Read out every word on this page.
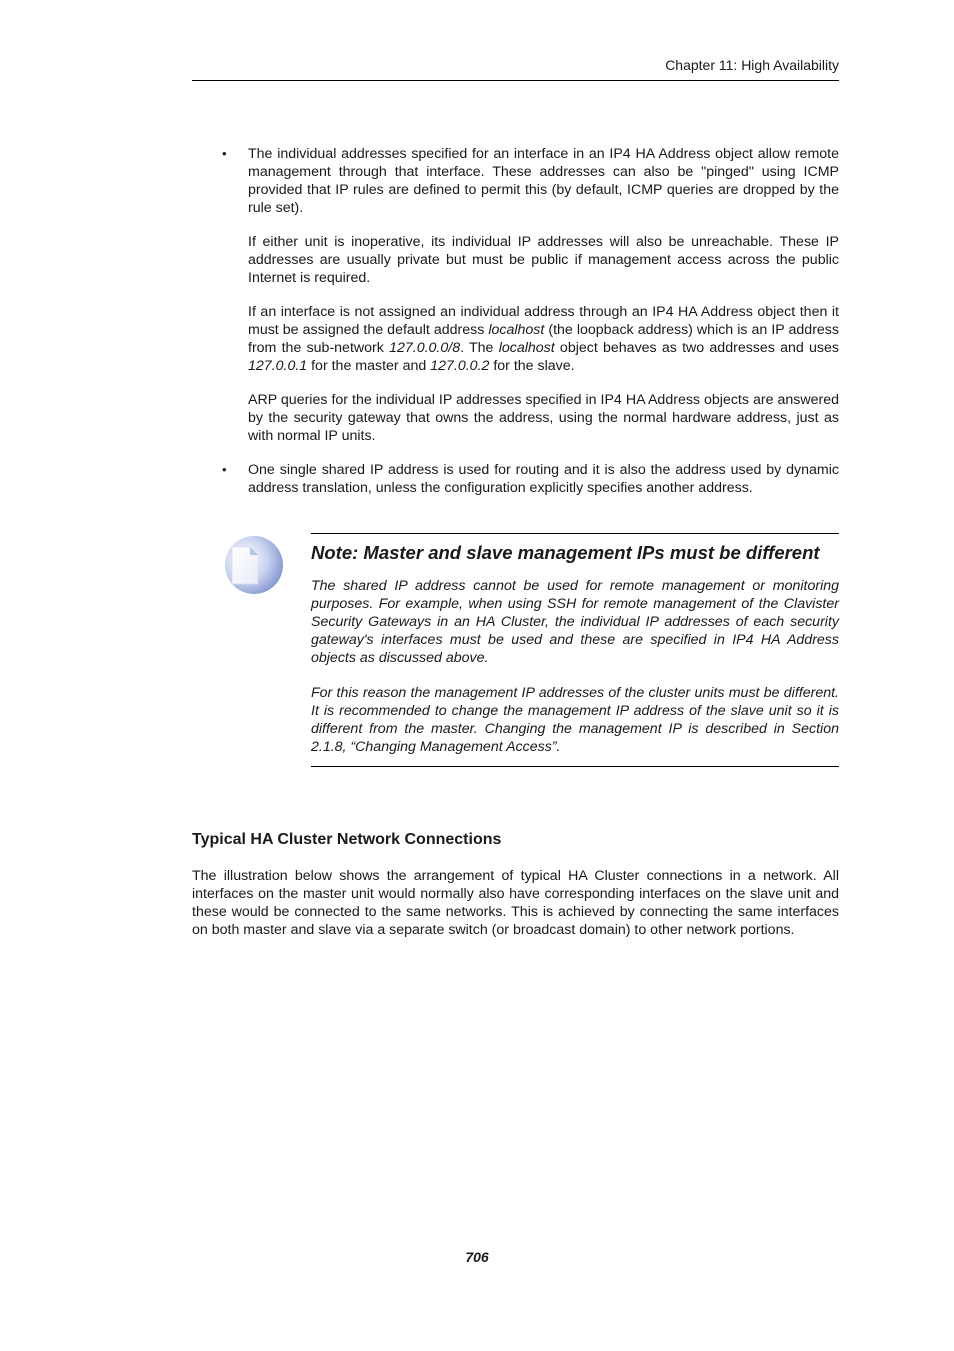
Chapter 11: High Availability
• The individual addresses specified for an interface in an IP4 HA Address object allow remote management through that interface. These addresses can also be "pinged" using ICMP provided that IP rules are defined to permit this (by default, ICMP queries are dropped by the rule set).

If either unit is inoperative, its individual IP addresses will also be unreachable. These IP addresses are usually private but must be public if management access across the public Internet is required.

If an interface is not assigned an individual address through an IP4 HA Address object then it must be assigned the default address localhost (the loopback address) which is an IP address from the sub-network 127.0.0.0/8. The localhost object behaves as two addresses and uses 127.0.0.1 for the master and 127.0.0.2 for the slave.

ARP queries for the individual IP addresses specified in IP4 HA Address objects are answered by the security gateway that owns the address, using the normal hardware address, just as with normal IP units.

• One single shared IP address is used for routing and it is also the address used by dynamic address translation, unless the configuration explicitly specifies another address.

Note: Master and slave management IPs must be different

The shared IP address cannot be used for remote management or monitoring purposes. For example, when using SSH for remote management of the Clavister Security Gateways in an HA Cluster, the individual IP addresses of each security gateway's interfaces must be used and these are specified in IP4 HA Address objects as discussed above.

For this reason the management IP addresses of the cluster units must be different. It is recommended to change the management IP address of the slave unit so it is different from the master. Changing the management IP is described in Section 2.1.8, “Changing Management Access”.

Typical HA Cluster Network Connections

The illustration below shows the arrangement of typical HA Cluster connections in a network. All interfaces on the master unit would normally also have corresponding interfaces on the slave unit and these would be connected to the same networks. This is achieved by connecting the same interfaces on both master and slave via a separate switch (or broadcast domain) to other network portions.

706
